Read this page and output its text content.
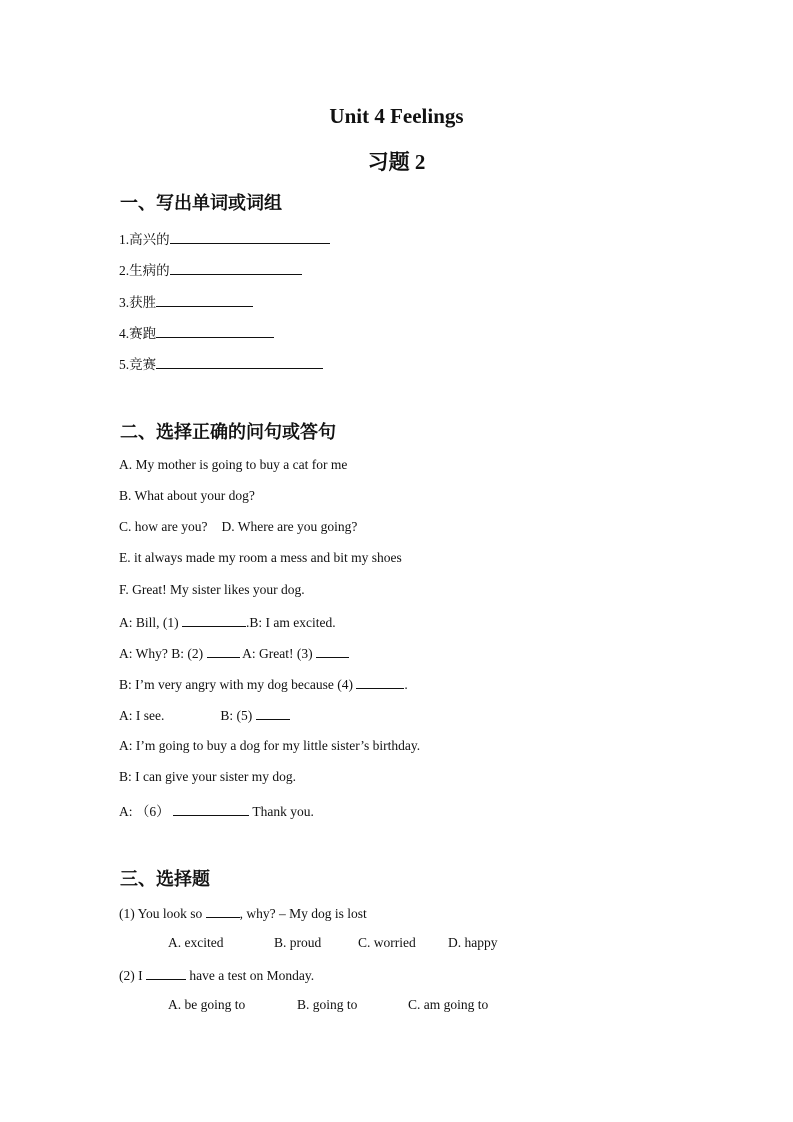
Unit 4 Feelings
习题 2
一、写出单词或词组
1.高兴的
2.生病的
3.获胜
4.赛跑
5.竞赛
二、选择正确的问句或答句
A. My mother is going to buy a cat for me
B. What about your dog?
C. how are you? D. Where are you going?
E. it always made my room a mess and bit my shoes
F. Great! My sister likes your dog.
A: Bill, (1)	.B: I am excited.
A: Why? B: (2)	A: Great! (3)
B: I’m very angry with my dog because (4)	.
A: I see.	B: (5)
A: I’m going to buy a dog for my little sister’s birthday.
B: I can give your sister my dog.
A: （6）	Thank you.
三、选择题
(1) You look so	, why? – My dog is lost
A. excited	B. proud	C. worried D. happy
(2) I	have a test on Monday.
A. be going to	B. going to	C. am going to
